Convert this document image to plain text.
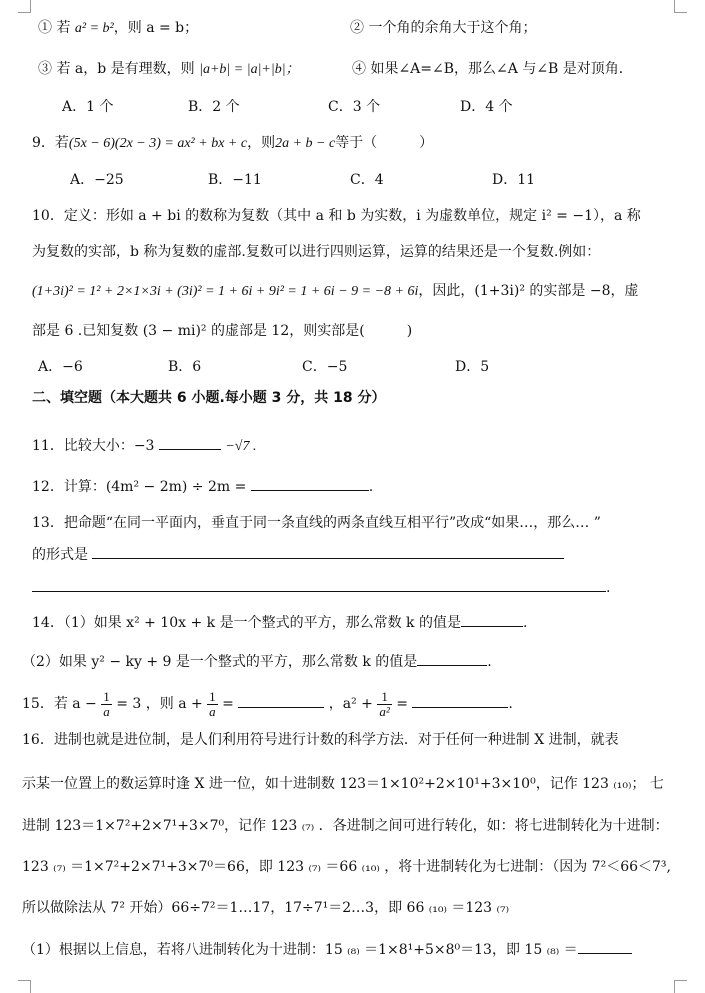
① 若 a² = b²，则 a = b；	② 一个角的余角大于这个角；
③ 若 a，b 是有理数，则 |a+b| = |a|+|b|；	④ 如果∠A=∠B，那么∠A 与∠B 是对顶角．
A．1 个	B．2 个	C．3 个	D．4 个
9．若(5x − 6)(2x − 3) = ax² + bx + c，则2a + b − c等于（　　　）
A．−25	B．−11	C．4	D．11
10．定义：形如 a + bi 的数称为复数（其中 a 和 b 为实数，i 为虚数单位，规定 i² = −1），a 称
为复数的实部，b 称为复数的虚部.复数可以进行四则运算，运算的结果还是一个复数.例如：
(1+3i)² = 1² + 2×1×3i + (3i)² = 1 + 6i + 9i² = 1 + 6i − 9 = −8 + 6i，因此，(1+3i)² 的实部是 −8，虚
部是 6 .已知复数 (3 − mi)² 的虚部是 12，则实部是(　　　)
A．−6	B．6	C．−5	D．5
二、填空题（本大题共 6 小题.每小题 3 分，共 18 分）
11．比较大小：−3	−√7 .
12．计算：(4m² − 2m) ÷ 2m =	.
13．把命题“在同一平面内，垂直于同一条直线的两条直线互相平行”改成“如果…，那么… ”
的形式是
.
14．（1）如果 x² + 10x + k 是一个整式的平方，那么常数 k 的值是	.
（2）如果 y² − ky + 9 是一个整式的平方，那么常数 k 的值是	.
15．若 $a - \frac{1}{a} = 3$ ，则 $a + \frac{1}{a}$ =	，$a^2 + \frac{1}{\text{a²}}$ =	.
16．进制也就是进位制，是人们利用符号进行计数的科学方法．对于任何一种进制 X 进制，就表
示某一位置上的数运算时逢 X 进一位，如十进制数 123＝1×10²+2×10¹+3×10⁰，记作 123 ₍₁₀₎； 七
进制 123＝1×7²+2×7¹+3×7⁰，记作 123 ₍₇₎ ．各进制之间可进行转化，如：将七进制转化为十进制：
123 ₍₇₎ ＝1×7²+2×7¹+3×7⁰＝66，即 123 ₍₇₎ ＝66 ₍₁₀₎ ，将十进制转化为七进制：（因为 7²＜66＜7³,
所以做除法从 7² 开始）66÷7²＝1…17，17÷7¹＝2…3，即 66 ₍₁₀₎ ＝123 ₍₇₎
（1）根据以上信息，若将八进制转化为十进制：15 ₍₈₎ ＝1×8¹+5×8⁰＝13，即 15 ₍₈₎ ＝
